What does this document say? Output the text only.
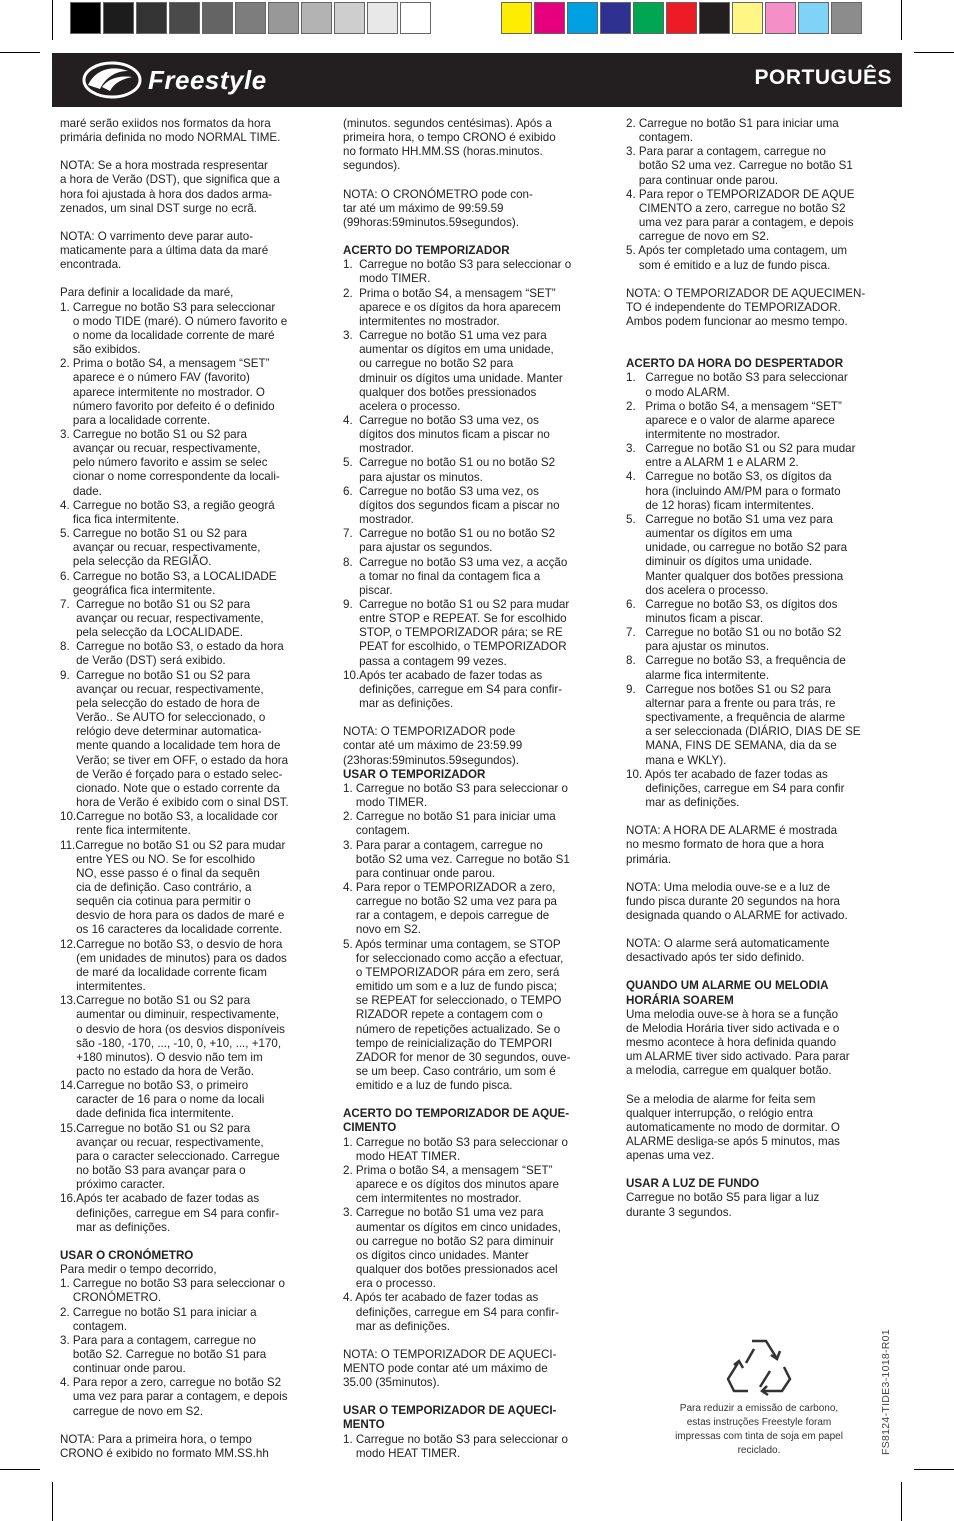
Freestyle	PORTUGUÊS
maré serão exiidos nos formatos da hora
primária definida no modo NORMAL TIME.
NOTA: Se a hora mostrada respresentar
a hora de Verão (DST), que significa que a
hora foi ajustada à hora dos dados arma-
zenados, um sinal DST surge no ecrã.
NOTA: O varrimento deve parar auto-
maticamente para a última data da maré
encontrada.
Para definir a localidade da maré,
1. Carregue no botão S3 para seleccionar
o modo TIDE (maré). O número favorito e
o nome da localidade corrente de maré
são exibidos.
2. Prima o botão S4, a mensagem “SET”
aparece e o número FAV (favorito)
aparece intermitente no mostrador. O
número favorito por defeito é o definido
para a localidade corrente.
3. Carregue no botão S1 ou S2 para
avançar ou recuar, respectivamente,
pelo número favorito e assim se selec
cionar o nome correspondente da locali-
dade.
4. Carregue no botão S3, a região geográ
fica fica intermitente.
5. Carregue no botão S1 ou S2 para
avançar ou recuar, respectivamente,
pela selecção da REGIÃO.
6. Carregue no botão S3, a LOCALIDADE
geográfica fica intermitente.
7.  Carregue no botão S1 ou S2 para
avançar ou recuar, respectivamente,
pela selecção da LOCALIDADE.
8.  Carregue no botão S3, o estado da hora
de Verão (DST) será exibido.
9.  Carregue no botão S1 ou S2 para
avançar ou recuar, respectivamente,
pela selecção do estado de hora de
Verão.. Se AUTO for seleccionado, o
relógio deve determinar automatica-
mente quando a localidade tem hora de
Verão; se tiver em OFF, o estado da hora
de Verão é forçado para o estado selec-
cionado. Note que o estado corrente da
hora de Verão é exibido com o sinal DST.
10.Carregue no botão S3, a localidade cor
rente fica intermitente.
11.Carregue no botão S1 ou S2 para mudar
entre YES ou NO. Se for escolhido
NO, esse passo é o final da sequên
cia de definição. Caso contrário, a
sequên cia cotinua para permitir o
desvio de hora para os dados de maré e
os 16 caracteres da localidade corrente.
12.Carregue no botão S3, o desvio de hora
(em unidades de minutos) para os dados
de maré da localidade corrente ficam
intermitentes.
13.Carregue no botão S1 ou S2 para
aumentar ou diminuir, respectivamente,
o desvio de hora (os desvios disponíveis
são -180, -170, ..., -10, 0, +10, ..., +170,
+180 minutos). O desvio não tem im
pacto no estado da hora de Verão.
14.Carregue no botão S3, o primeiro
caracter de 16 para o nome da locali
dade definida fica intermitente.
15.Carregue no botão S1 ou S2 para
avançar ou recuar, respectivamente,
para o caracter seleccionado. Carregue
no botão S3 para avançar para o
próximo caracter.
16.Após ter acabado de fazer todas as
definições, carregue em S4 para confir-
mar as definições.
USAR O CRONÓMETRO
Para medir o tempo decorrido,
1. Carregue no botão S3 para seleccionar o
CRONÓMETRO.
2. Carregue no botão S1 para iniciar a
contagem.
3. Para para a contagem, carregue no
botão S2. Carregue no botão S1 para
continuar onde parou.
4. Para repor a zero, carregue no botão S2
uma vez para parar a contagem, e depois
carregue de novo em S2.
NOTA: Para a primeira hora, o tempo
CRONO é exibido no formato MM.SS.hh
(minutos. segundos centésimas). Após a
primeira hora, o tempo CRONO é exibido
no formato HH.MM.SS (horas.minutos.
segundos).
NOTA: O CRONÓMETRO pode con-
tar até um máximo de 99:59.59
(99horas:59minutos.59segundos).
ACERTO DO TEMPORIZADOR
1.  Carregue no botão S3 para seleccionar o
modo TIMER.
2.  Prima o botão S4, a mensagem “SET”
aparece e os dígitos da hora aparecem
intermitentes no mostrador.
3.  Carregue no botão S1 uma vez para
aumentar os dígitos em uma unidade,
ou carregue no botão S2 para
dminuir os dígitos uma unidade. Manter
qualquer dos botões pressionados
acelera o processo.
4.  Carregue no botão S3 uma vez, os
dígitos dos minutos ficam a piscar no
mostrador.
5.  Carregue no botão S1 ou no botão S2
para ajustar os minutos.
6.  Carregue no botão S3 uma vez, os
dígitos dos segundos ficam a piscar no
mostrador.
7.  Carregue no botão S1 ou no botão S2
para ajustar os segundos.
8.  Carregue no botão S3 uma vez, a acção
a tomar no final da contagem fica a
piscar.
9.  Carregue no botão S1 ou S2 para mudar
entre STOP e REPEAT. Se for escolhido
STOP, o TEMPORIZADOR pára; se RE
PEAT for escolhido, o TEMPORIZADOR
passa a contagem 99 vezes.
10.Após ter acabado de fazer todas as
definições, carregue em S4 para confir-
mar as definições.
NOTA: O TEMPORIZADOR pode
contar até um máximo de 23:59.99
(23horas:59minutos.59segundos).
USAR O TEMPORIZADOR
1. Carregue no botão S3 para seleccionar o
modo TIMER.
2. Carregue no botão S1 para iniciar uma
contagem.
3. Para parar a contagem, carregue no
botão S2 uma vez. Carregue no botão S1
para continuar onde parou.
4. Para repor o TEMPORIZADOR a zero,
carregue no botão S2 uma vez para pa
rar a contagem, e depois carregue de
novo em S2.
5. Após terminar uma contagem, se STOP
for seleccionado como acção a efectuar,
o TEMPORIZADOR pára em zero, será
emitido um som e a luz de fundo pisca;
se REPEAT for seleccionado, o TEMPO
RIZADOR repete a contagem com o
número de repetições actualizado. Se o
tempo de reinicialização do TEMPORI
ZADOR for menor de 30 segundos, ouve-
se um beep. Caso contrário, um som é
emitido e a luz de fundo pisca.
ACERTO DO TEMPORIZADOR DE AQUE-
CIMENTO
1. Carregue no botão S3 para seleccionar o
modo HEAT TIMER.
2. Prima o botão S4, a mensagem “SET”
aparece e os dígitos dos minutos apare
cem intermitentes no mostrador.
3. Carregue no botão S1 uma vez para
aumentar os dígitos em cinco unidades,
ou carregue no botão S2 para diminuir
os dígitos cinco unidades. Manter
qualquer dos botões pressionados acel
era o processo.
4. Após ter acabado de fazer todas as
definições, carregue em S4 para confir-
mar as definições.
NOTA: O TEMPORIZADOR DE AQUECI-
MENTO pode contar até um máximo de
35.00 (35minutos).
USAR O TEMPORIZADOR DE AQUECI-
MENTO
1. Carregue no botão S3 para seleccionar o
modo HEAT TIMER.
2. Carregue no botão S1 para iniciar uma
contagem.
3. Para parar a contagem, carregue no
botão S2 uma vez. Carregue no botão S1
para continuar onde parou.
4. Para repor o TEMPORIZADOR DE AQUE
CIMENTO a zero, carregue no botão S2
uma vez para parar a contagem, e depois
carregue de novo em S2.
5. Após ter completado uma contagem, um
som é emitido e a luz de fundo pisca.
NOTA: O TEMPORIZADOR DE AQUECIMEN-
TO é independente do TEMPORIZADOR.
Ambos podem funcionar ao mesmo tempo.
ACERTO DA HORA DO DESPERTADOR
1.   Carregue no botão S3 para seleccionar
o modo ALARM.
2.   Prima o botão S4, a mensagem “SET”
aparece e o valor de alarme aparece
intermitente no mostrador.
3.   Carregue no botão S1 ou S2 para mudar
entre a ALARM 1 e ALARM 2.
4.   Carregue no botão S3, os dígitos da
hora (incluindo AM/PM para o formato
de 12 horas) ficam intermitentes.
5.   Carregue no botão S1 uma vez para
aumentar os dígitos em uma
unidade, ou carregue no botão S2 para
diminuir os dígitos uma unidade.
Manter qualquer dos botões pressiona
dos acelera o processo.
6.   Carregue no botão S3, os dígitos dos
minutos ficam a piscar.
7.   Carregue no botão S1 ou no botão S2
para ajustar os minutos.
8.   Carregue no botão S3, a frequência de
alarme fica intermitente.
9.   Carregue nos botões S1 ou S2 para
alternar para a frente ou para trás, re
spectivamente, a frequência de alarme
a ser seleccionada (DIÁRIO, DIAS DE SE
MANA, FINS DE SEMANA, dia da se
mana e WKLY).
10. Após ter acabado de fazer todas as
definições, carregue em S4 para confir
mar as definições.
NOTA: A HORA DE ALARME é mostrada
no mesmo formato de hora que a hora
primária.
NOTA: Uma melodia ouve-se e a luz de
fundo pisca durante 20 segundos na hora
designada quando o ALARME for activado.
NOTA: O alarme será automaticamente
desactivado após ter sido definido.
QUANDO UM ALARME OU MELODIA
HORÁRIA SOAREM
Uma melodia ouve-se à hora se a função
de Melodia Horária tiver sido activada e o
mesmo acontece à hora definida quando
um ALARME tiver sido activado. Para parar
a melodia, carregue em qualquer botão.
Se a melodia de alarme for feita sem
qualquer interrupção, o relógio entra
automaticamente no modo de dormitar. O
ALARME desliga-se após 5 minutos, mas
apenas uma vez.
USAR A LUZ DE FUNDO
Carregue no botão S5 para ligar a luz
durante 3 segundos.

Para reduzir a emissão de carbono,
estas instruções Freestyle foram
impressas com tinta de soja em papel
reciclado.	FS8124-TIDE3-1018-R01
